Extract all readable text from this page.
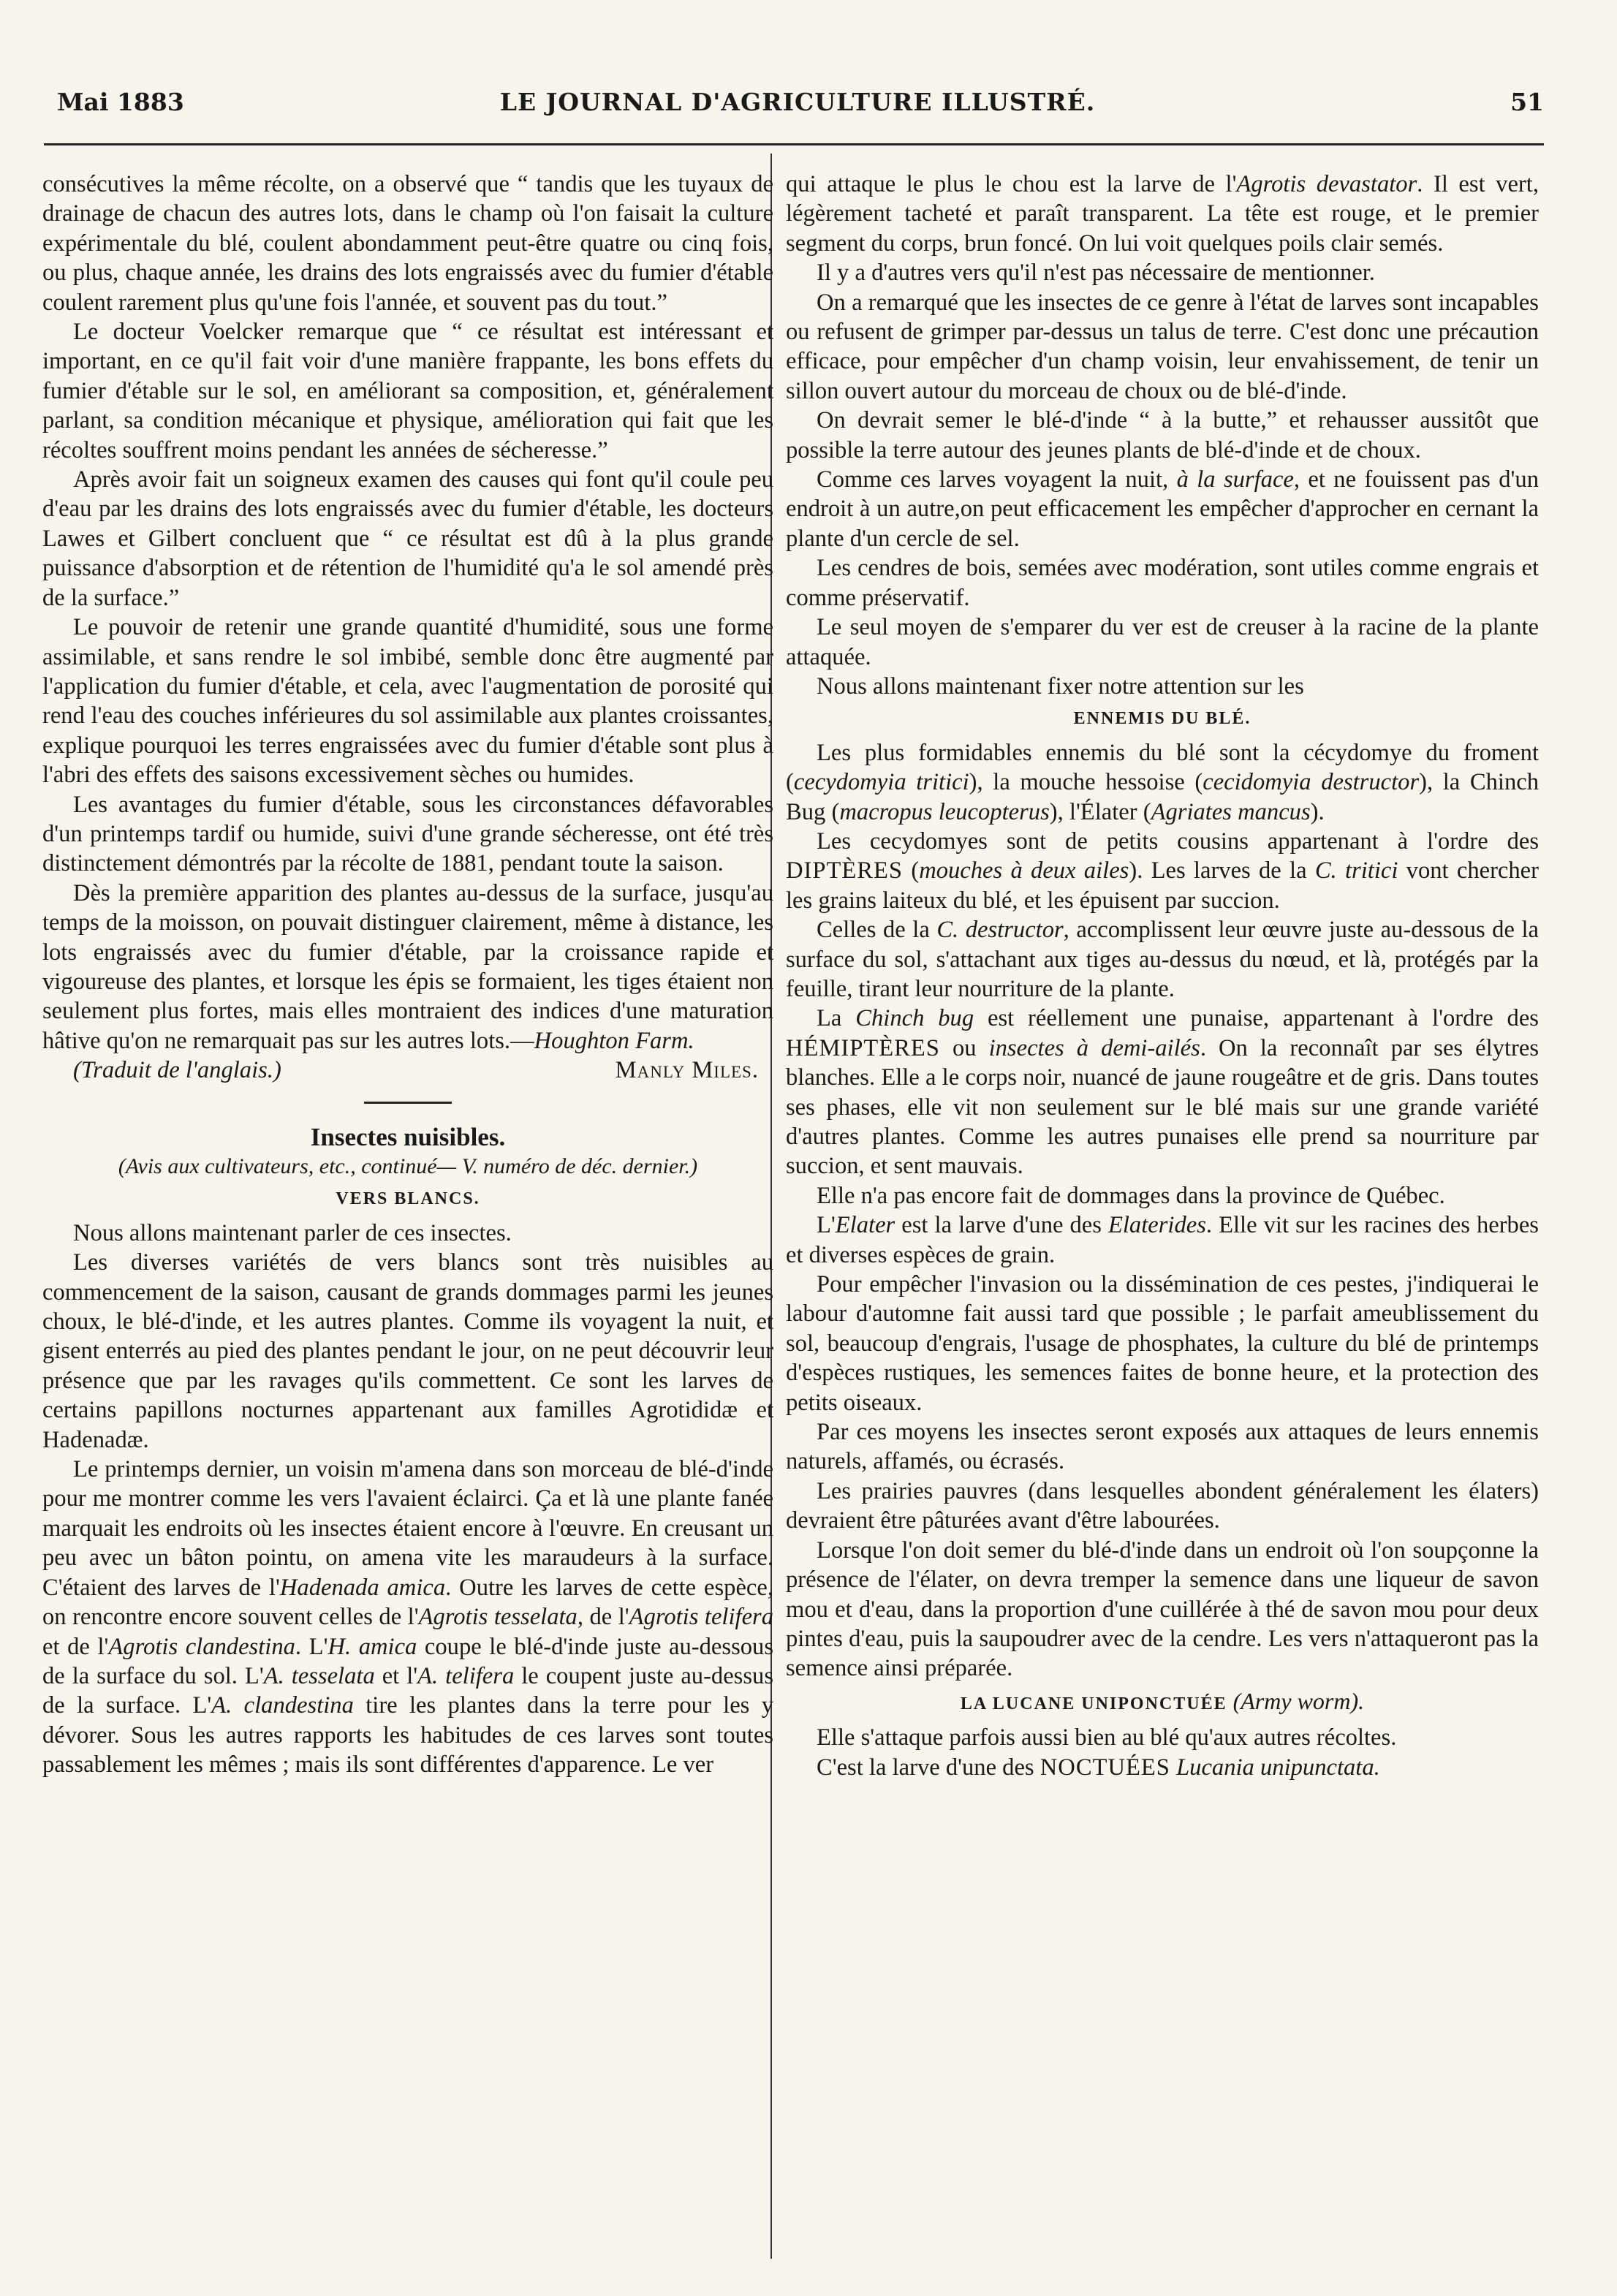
Mai 1883	LE JOURNAL D'AGRICULTURE ILLUSTRÉ.	51

consécutives la même récolte, on a observé que “ tandis que les tuyaux de drainage de chacun des autres lots, dans le champ où l'on faisait la culture expérimentale du blé, coulent abondamment peut-être quatre ou cinq fois, ou plus, chaque année, les drains des lots engraissés avec du fumier d'étable coulent rarement plus qu'une fois l'année, et souvent pas du tout.”

Le docteur Voelcker remarque que “ ce résultat est intéressant et important, en ce qu'il fait voir d'une manière frappante, les bons effets du fumier d'étable sur le sol, en améliorant sa composition, et, généralement parlant, sa condition mécanique et physique, amélioration qui fait que les récoltes souffrent moins pendant les années de sécheresse.”

Après avoir fait un soigneux examen des causes qui font qu'il coule peu d'eau par les drains des lots engraissés avec du fumier d'étable, les docteurs Lawes et Gilbert concluent que “ ce résultat est dû à la plus grande puissance d'absorption et de rétention de l'humidité qu'a le sol amendé près de la surface.”

Le pouvoir de retenir une grande quantité d'humidité, sous une forme assimilable, et sans rendre le sol imbibé, semble donc être augmenté par l'application du fumier d'étable, et cela, avec l'augmentation de porosité qui rend l'eau des couches inférieures du sol assimilable aux plantes croissantes, explique pourquoi les terres engraissées avec du fumier d'étable sont plus à l'abri des effets des saisons excessivement sèches ou humides.

Les avantages du fumier d'étable, sous les circonstances défavorables d'un printemps tardif ou humide, suivi d'une grande sécheresse, ont été très distinctement démontrés par la récolte de 1881, pendant toute la saison.

Dès la première apparition des plantes au-dessus de la surface, jusqu'au temps de la moisson, on pouvait distinguer clairement, même à distance, les lots engraissés avec du fumier d'étable, par la croissance rapide et vigoureuse des plantes, et lorsque les épis se formaient, les tiges étaient non seulement plus fortes, mais elles montraient des indices d'une maturation hâtive qu'on ne remarquait pas sur les autres lots.—Houghton Farm.

(Traduit de l'anglais.)	Manly Miles.
Insectes nuisibles.
(Avis aux cultivateurs, etc., continué— V. numéro de déc. dernier.)
VERS BLANCS.

Nous allons maintenant parler de ces insectes.

Les diverses variétés de vers blancs sont très nuisibles au commencement de la saison, causant de grands dommages parmi les jeunes choux, le blé-d'inde, et les autres plantes. Comme ils voyagent la nuit, et gisent enterrés au pied des plantes pendant le jour, on ne peut découvrir leur présence que par les ravages qu'ils commettent. Ce sont les larves de certains papillons nocturnes appartenant aux familles Agrotididæ et Hadenadæ.

Le printemps dernier, un voisin m'amena dans son morceau de blé-d'inde pour me montrer comme les vers l'avaient éclairci. Ça et là une plante fanée marquait les endroits où les insectes étaient encore à l'œuvre. En creusant un peu avec un bâton pointu, on amena vite les maraudeurs à la surface. C'étaient des larves de l'Hadenada amica. Outre les larves de cette espèce, on rencontre encore souvent celles de l'Agrotis tesselata, de l'Agrotis telifera et de l'Agrotis clandestina. L'H. amica coupe le blé-d'inde juste au-dessous de la surface du sol. L'A. tesselata et l'A. telifera le coupent juste au-dessus de la surface. L'A. clandestina tire les plantes dans la terre pour les y dévorer. Sous les autres rapports les habitudes de ces larves sont toutes passablement les mêmes ; mais ils sont différentes d'apparence. Le ver

qui attaque le plus le chou est la larve de l'Agrotis devastator. Il est vert, légèrement tacheté et paraît transparent. La tête est rouge, et le premier segment du corps, brun foncé. On lui voit quelques poils clair semés.

Il y a d'autres vers qu'il n'est pas nécessaire de mentionner.

On a remarqué que les insectes de ce genre à l'état de larves sont incapables ou refusent de grimper par-dessus un talus de terre. C'est donc une précaution efficace, pour empêcher d'un champ voisin, leur envahissement, de tenir un sillon ouvert autour du morceau de choux ou de blé-d'inde.

On devrait semer le blé-d'inde “ à la butte,” et rehausser aussitôt que possible la terre autour des jeunes plants de blé-d'inde et de choux.

Comme ces larves voyagent la nuit, à la surface, et ne fouissent pas d'un endroit à un autre,on peut efficacement les empêcher d'approcher en cernant la plante d'un cercle de sel.

Les cendres de bois, semées avec modération, sont utiles comme engrais et comme préservatif.

Le seul moyen de s'emparer du ver est de creuser à la racine de la plante attaquée.

Nous allons maintenant fixer notre attention sur les

ENNEMIS DU BLÉ.

Les plus formidables ennemis du blé sont la cécydomye du froment (cecydomyia tritici), la mouche hessoise (cecidomyia destructor), la Chinch Bug (macropus leucopterus), l'Élater (Agriates mancus).

Les cecydomyes sont de petits cousins appartenant à l'ordre des DIPTÈRES (mouches à deux ailes). Les larves de la C. tritici vont chercher les grains laiteux du blé, et les épuisent par succion.

Celles de la C. destructor, accomplissent leur œuvre juste au-dessous de la surface du sol, s'attachant aux tiges au-dessus du nœud, et là, protégés par la feuille, tirant leur nourriture de la plante.

La Chinch bug est réellement une punaise, appartenant à l'ordre des HÉMIPTÈRES ou insectes à demi-ailés. On la reconnaît par ses élytres blanches. Elle a le corps noir, nuancé de jaune rougeâtre et de gris. Dans toutes ses phases, elle vit non seulement sur le blé mais sur une grande variété d'autres plantes. Comme les autres punaises elle prend sa nourriture par succion, et sent mauvais.

Elle n'a pas encore fait de dommages dans la province de Québec.

L'Elater est la larve d'une des Elaterides. Elle vit sur les racines des herbes et diverses espèces de grain.

Pour empêcher l'invasion ou la dissémination de ces pestes, j'indiquerai le labour d'automne fait aussi tard que possible ; le parfait ameublissement du sol, beaucoup d'engrais, l'usage de phosphates, la culture du blé de printemps d'espèces rustiques, les semences faites de bonne heure, et la protection des petits oiseaux.

Par ces moyens les insectes seront exposés aux attaques de leurs ennemis naturels, affamés, ou écrasés.

Les prairies pauvres (dans lesquelles abondent généralement les élaters) devraient être pâturées avant d'être labourées.

Lorsque l'on doit semer du blé-d'inde dans un endroit où l'on soupçonne la présence de l'élater, on devra tremper la semence dans une liqueur de savon mou et d'eau, dans la proportion d'une cuillérée à thé de savon mou pour deux pintes d'eau, puis la saupoudrer avec de la cendre. Les vers n'attaqueront pas la semence ainsi préparée.

LA LUCANE UNIPONCTUÉE (Army worm).

Elle s'attaque parfois aussi bien au blé qu'aux autres récoltes.

C'est la larve d'une des NOCTUÉES Lucania unipunctata.
